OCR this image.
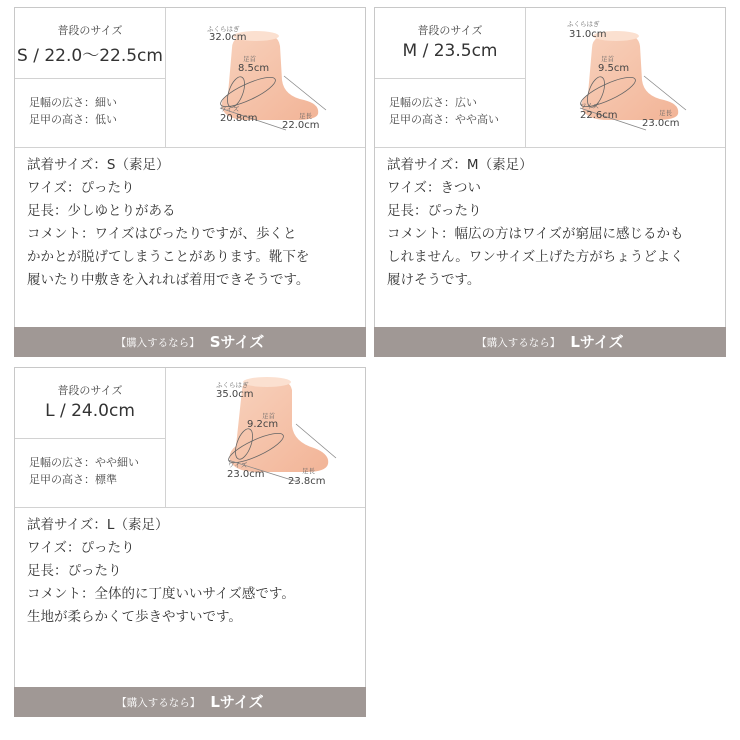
普段のサイズ
S / 22.0〜22.5cm
足幅の広さ：細い
足甲の高さ：低い
ふくらはぎ
32.0cm
足首
8.5cm
ワイズ
20.8cm	足長
22.0cm
試着サイズ：S（素足）
ワイズ：ぴったり
足長：少しゆとりがある
コメント：ワイズはぴったりですが、歩くと
かかとが脱げてしまうことがあります。靴下を
履いたり中敷きを入れれば着用できそうです。
【購入するなら】 Sサイズ
普段のサイズ
M / 23.5cm
足幅の広さ：広い
足甲の高さ：やや高い
ふくらはぎ
31.0cm
足首
9.5cm
ワイズ
22.6cm	足長
23.0cm
試着サイズ：M（素足）
ワイズ：きつい
足長：ぴったり
コメント：幅広の方はワイズが窮屈に感じるかも
しれません。ワンサイズ上げた方がちょうどよく
履けそうです。
【購入するなら】 Lサイズ
普段のサイズ
L / 24.0cm
足幅の広さ：やや細い
足甲の高さ：標準
ふくらはぎ
35.0cm
足首
9.2cm
ワイズ
23.0cm	足長
23.8cm
試着サイズ：L（素足）
ワイズ：ぴったり
足長：ぴったり
コメント：全体的に丁度いいサイズ感です。
生地が柔らかくて歩きやすいです。
【購入するなら】 Lサイズ
